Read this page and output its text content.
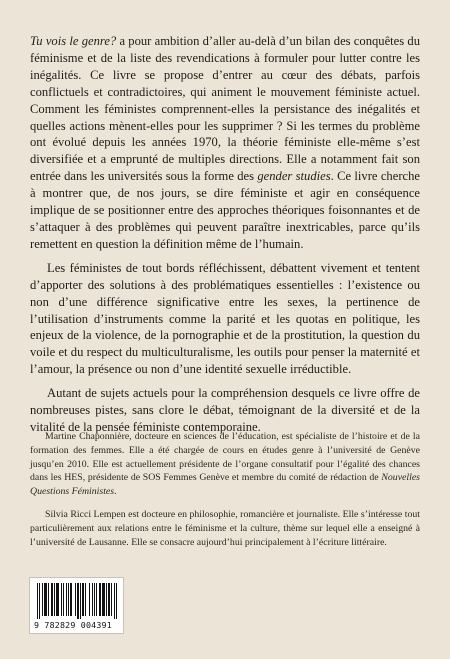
Tu vois le genre? a pour ambition d’aller au-delà d’un bilan des conquêtes du féminisme et de la liste des revendications à formuler pour lutter contre les inégalités. Ce livre se propose d’entrer au cœur des débats, parfois conflictuels et contradictoires, qui animent le mouvement féministe actuel. Comment les féministes comprennent-elles la persistance des inégalités et quelles actions mènent-elles pour les supprimer ? Si les termes du problème ont évolué depuis les années 1970, la théorie féministe elle-même s’est diversifiée et a emprunté de multiples directions. Elle a notamment fait son entrée dans les universités sous la forme des gender studies. Ce livre cherche à montrer que, de nos jours, se dire féministe et agir en conséquence implique de se positionner entre des approches théoriques foisonnantes et de s’attaquer à des problèmes qui peuvent paraître inextricables, parce qu’ils remettent en question la définition même de l’humain.

Les féministes de tout bords réfléchissent, débattent vivement et tentent d’apporter des solutions à des problématiques essentielles : l’existence ou non d’une différence significative entre les sexes, la pertinence de l’utilisation d’instruments comme la parité et les quotas en politique, les enjeux de la violence, de la pornographie et de la prostitution, la question du voile et du respect du multiculturalisme, les outils pour penser la maternité et l’amour, la présence ou non d’une identité sexuelle irréductible.

Autant de sujets actuels pour la compréhension desquels ce livre offre de nombreuses pistes, sans clore le débat, témoignant de la diversité et de la vitalité de la pensée féministe contemporaine.

Martine Chaponnière, docteure en sciences de l’éducation, est spécialiste de l’histoire et de la formation des femmes. Elle a été chargée de cours en études genre à l’université de Genève jusqu’en 2010. Elle est actuellement présidente de l’organe consultatif pour l’égalité des chances dans les HES, présidente de SOS Femmes Genève et membre du comité de rédaction de Nouvelles Questions Féministes.

Silvia Ricci Lempen est docteure en philosophie, romancière et journaliste. Elle s’intéresse tout particulièrement aux relations entre le féminisme et la culture, thème sur lequel elle a enseigné à l’université de Lausanne. Elle se consacre aujourd’hui principalement à l’écriture littéraire.

9 782829 004391
